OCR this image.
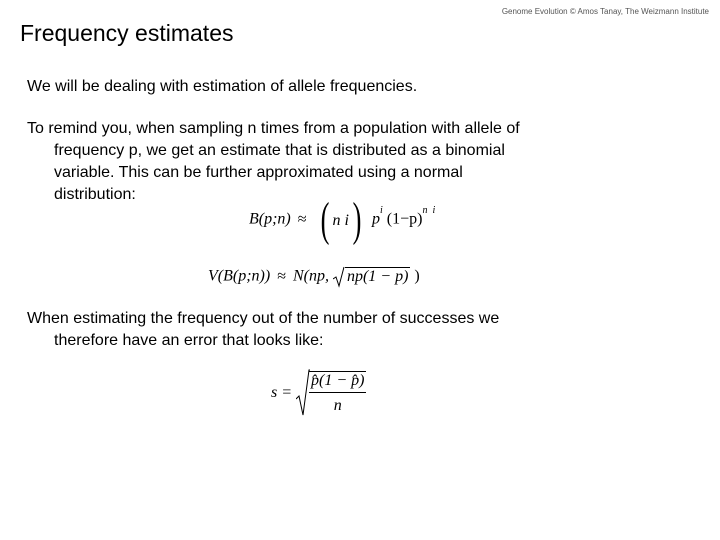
Genome Evolution © Amos Tanay, The Weizmann Institute
Frequency estimates
We will be dealing with estimation of allele frequencies.
To remind you, when sampling n times from a population with allele of
frequency p, we get an estimate that is distributed as a binomial
variable. This can be further approximated using a normal
distribution:
B(p;n) ≈ ( n i) $p^i$ $(1-p)^{n i}$
V(B(p;n)) ≈ N(np, np(1 − p) )
When estimating the frequency out of the number of successes we
therefore have an error that looks like:
$s = \frac{p̂(1 - p̂)}{n}$
